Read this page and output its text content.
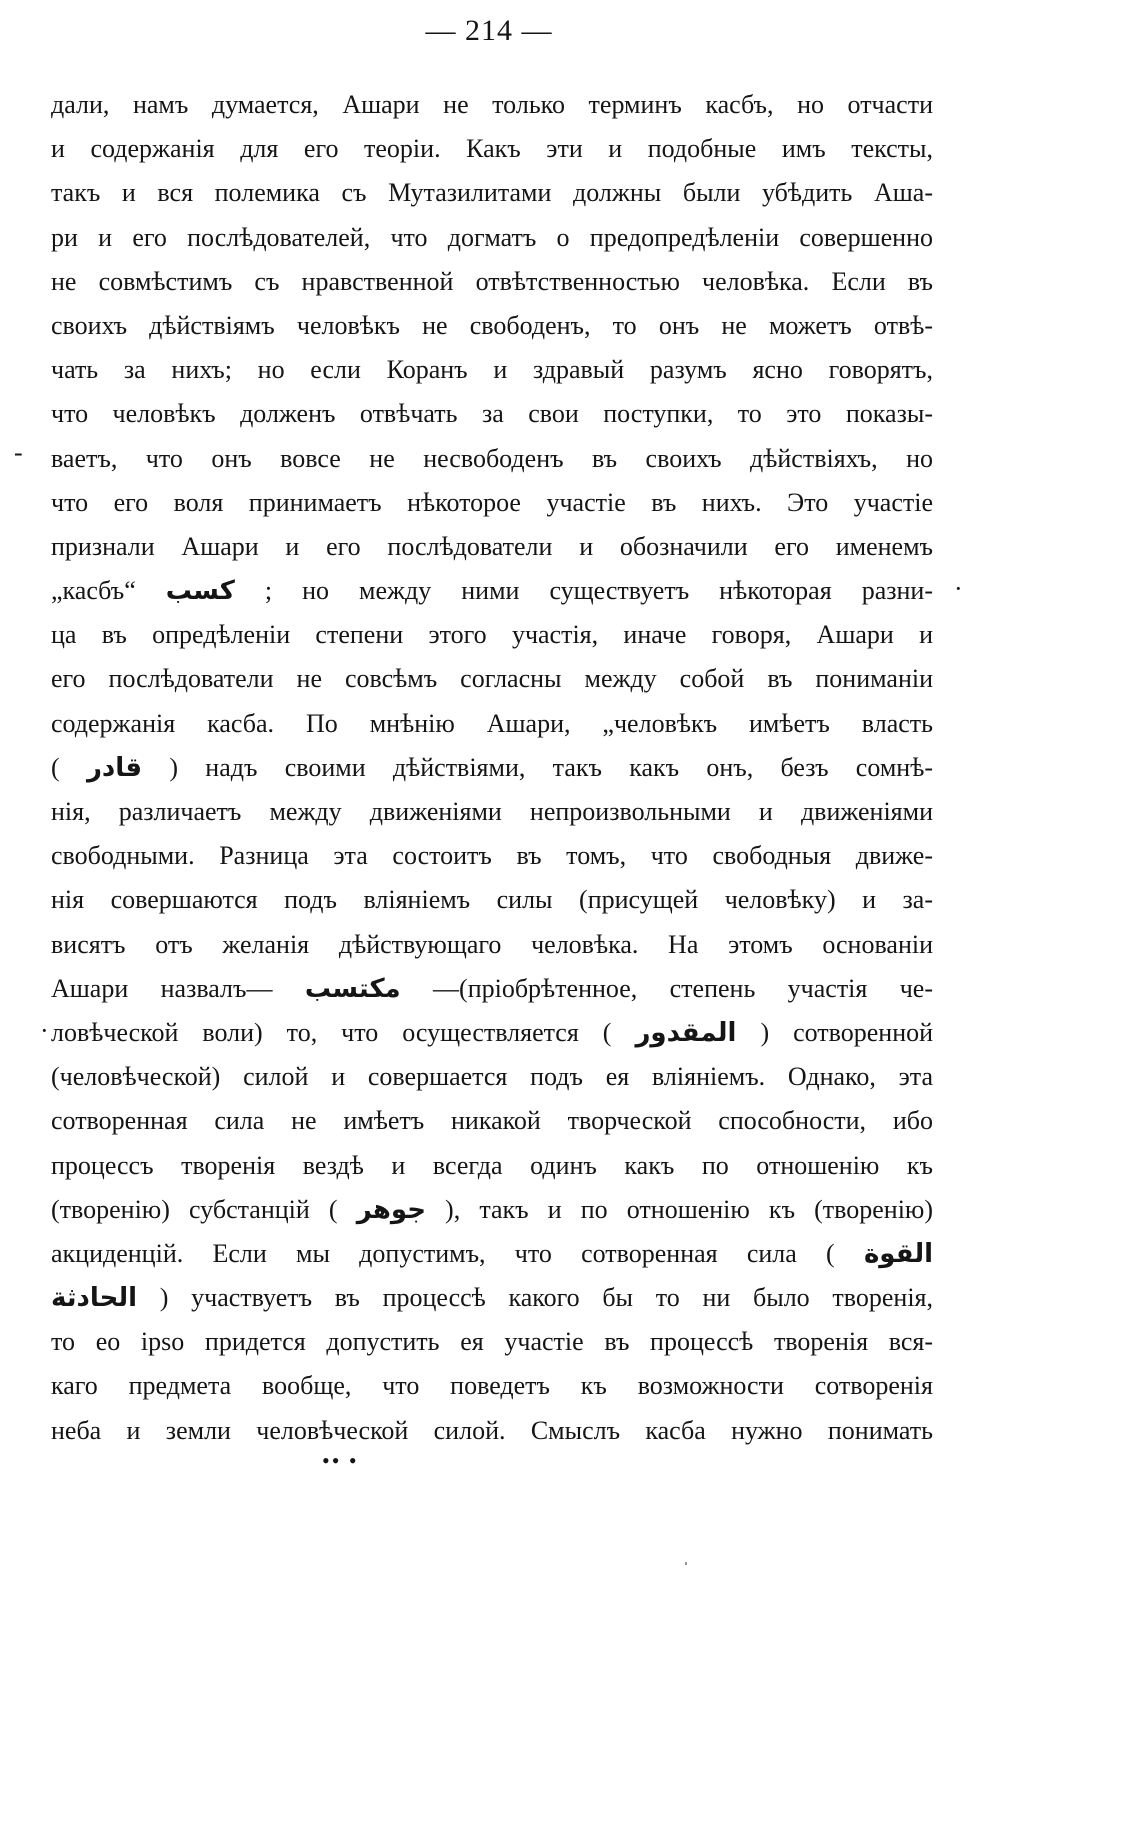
— 214 —
дали, намъ думается, Ашари не только терминъ касбъ, но отчасти
и содержанія для его теоріи. Какъ эти и подобные имъ тексты,
такъ и вся полемика съ Мутазилитами должны были убѣдить Аша-
ри и его послѣдователей, что догматъ о предопредѣленіи совершенно
не совмѣстимъ съ нравственной отвѣтственностью человѣка. Если въ
своихъ дѣйствіямъ человѣкъ не свободенъ, то онъ не можетъ отвѣ-
чать за нихъ; но если Коранъ и здравый разумъ ясно говорятъ,
что человѣкъ долженъ отвѣчать за свои поступки, то это показы-
ваетъ, что онъ вовсе не несвободенъ въ своихъ дѣйствіяхъ, но
что его воля принимаетъ нѣкоторое участіе въ нихъ. Это участіе
признали Ашари и его послѣдователи и обозначили его именемъ
„касбъ“ كسب ; но между ними существуетъ нѣкоторая разни-
ца въ опредѣленіи степени этого участія, иначе говоря, Ашари и
его послѣдователи не совсѣмъ согласны между собой въ пониманіи
содержанія касба. По мнѣнію Ашари, „человѣкъ имѣетъ власть
( قادر ) надъ своими дѣйствіями, такъ какъ онъ, безъ сомнѣ-
нія, различаетъ между движеніями непроизвольными и движеніями
свободными. Разница эта состоитъ въ томъ, что свободныя движе-
нія совершаются подъ вліяніемъ силы (присущей человѣку) и за-
висятъ отъ желанія дѣйствующаго человѣка. На этомъ основаніи
Ашари назвалъ— مكتسب —(пріобрѣтенное, степень участія че-
ловѣческой воли) то, что осуществляется ( المقدور ) сотворенной
(человѣческой) силой и совершается подъ ея вліяніемъ. Однако, эта
сотворенная сила не имѣетъ никакой творческой способности, ибо
процессъ творенія вездѣ и всегда одинъ какъ по отношенію къ
(творенію) субстанцій ( جوهر ), такъ и по отношенію къ (творенію)
акциденцій. Если мы допустимъ, что сотворенная сила ( القوة
الحادثة ) участвуетъ въ процессѣ какого бы то ни было творенія,
то ео ipso придется допустить ея участіе въ процессѣ творенія вся-
каго предмета вообще, что поведетъ къ возможности сотворенія
неба и земли человѣческой силой. Смыслъ касба нужно понимать
-
·
·
•• •
ˌ
